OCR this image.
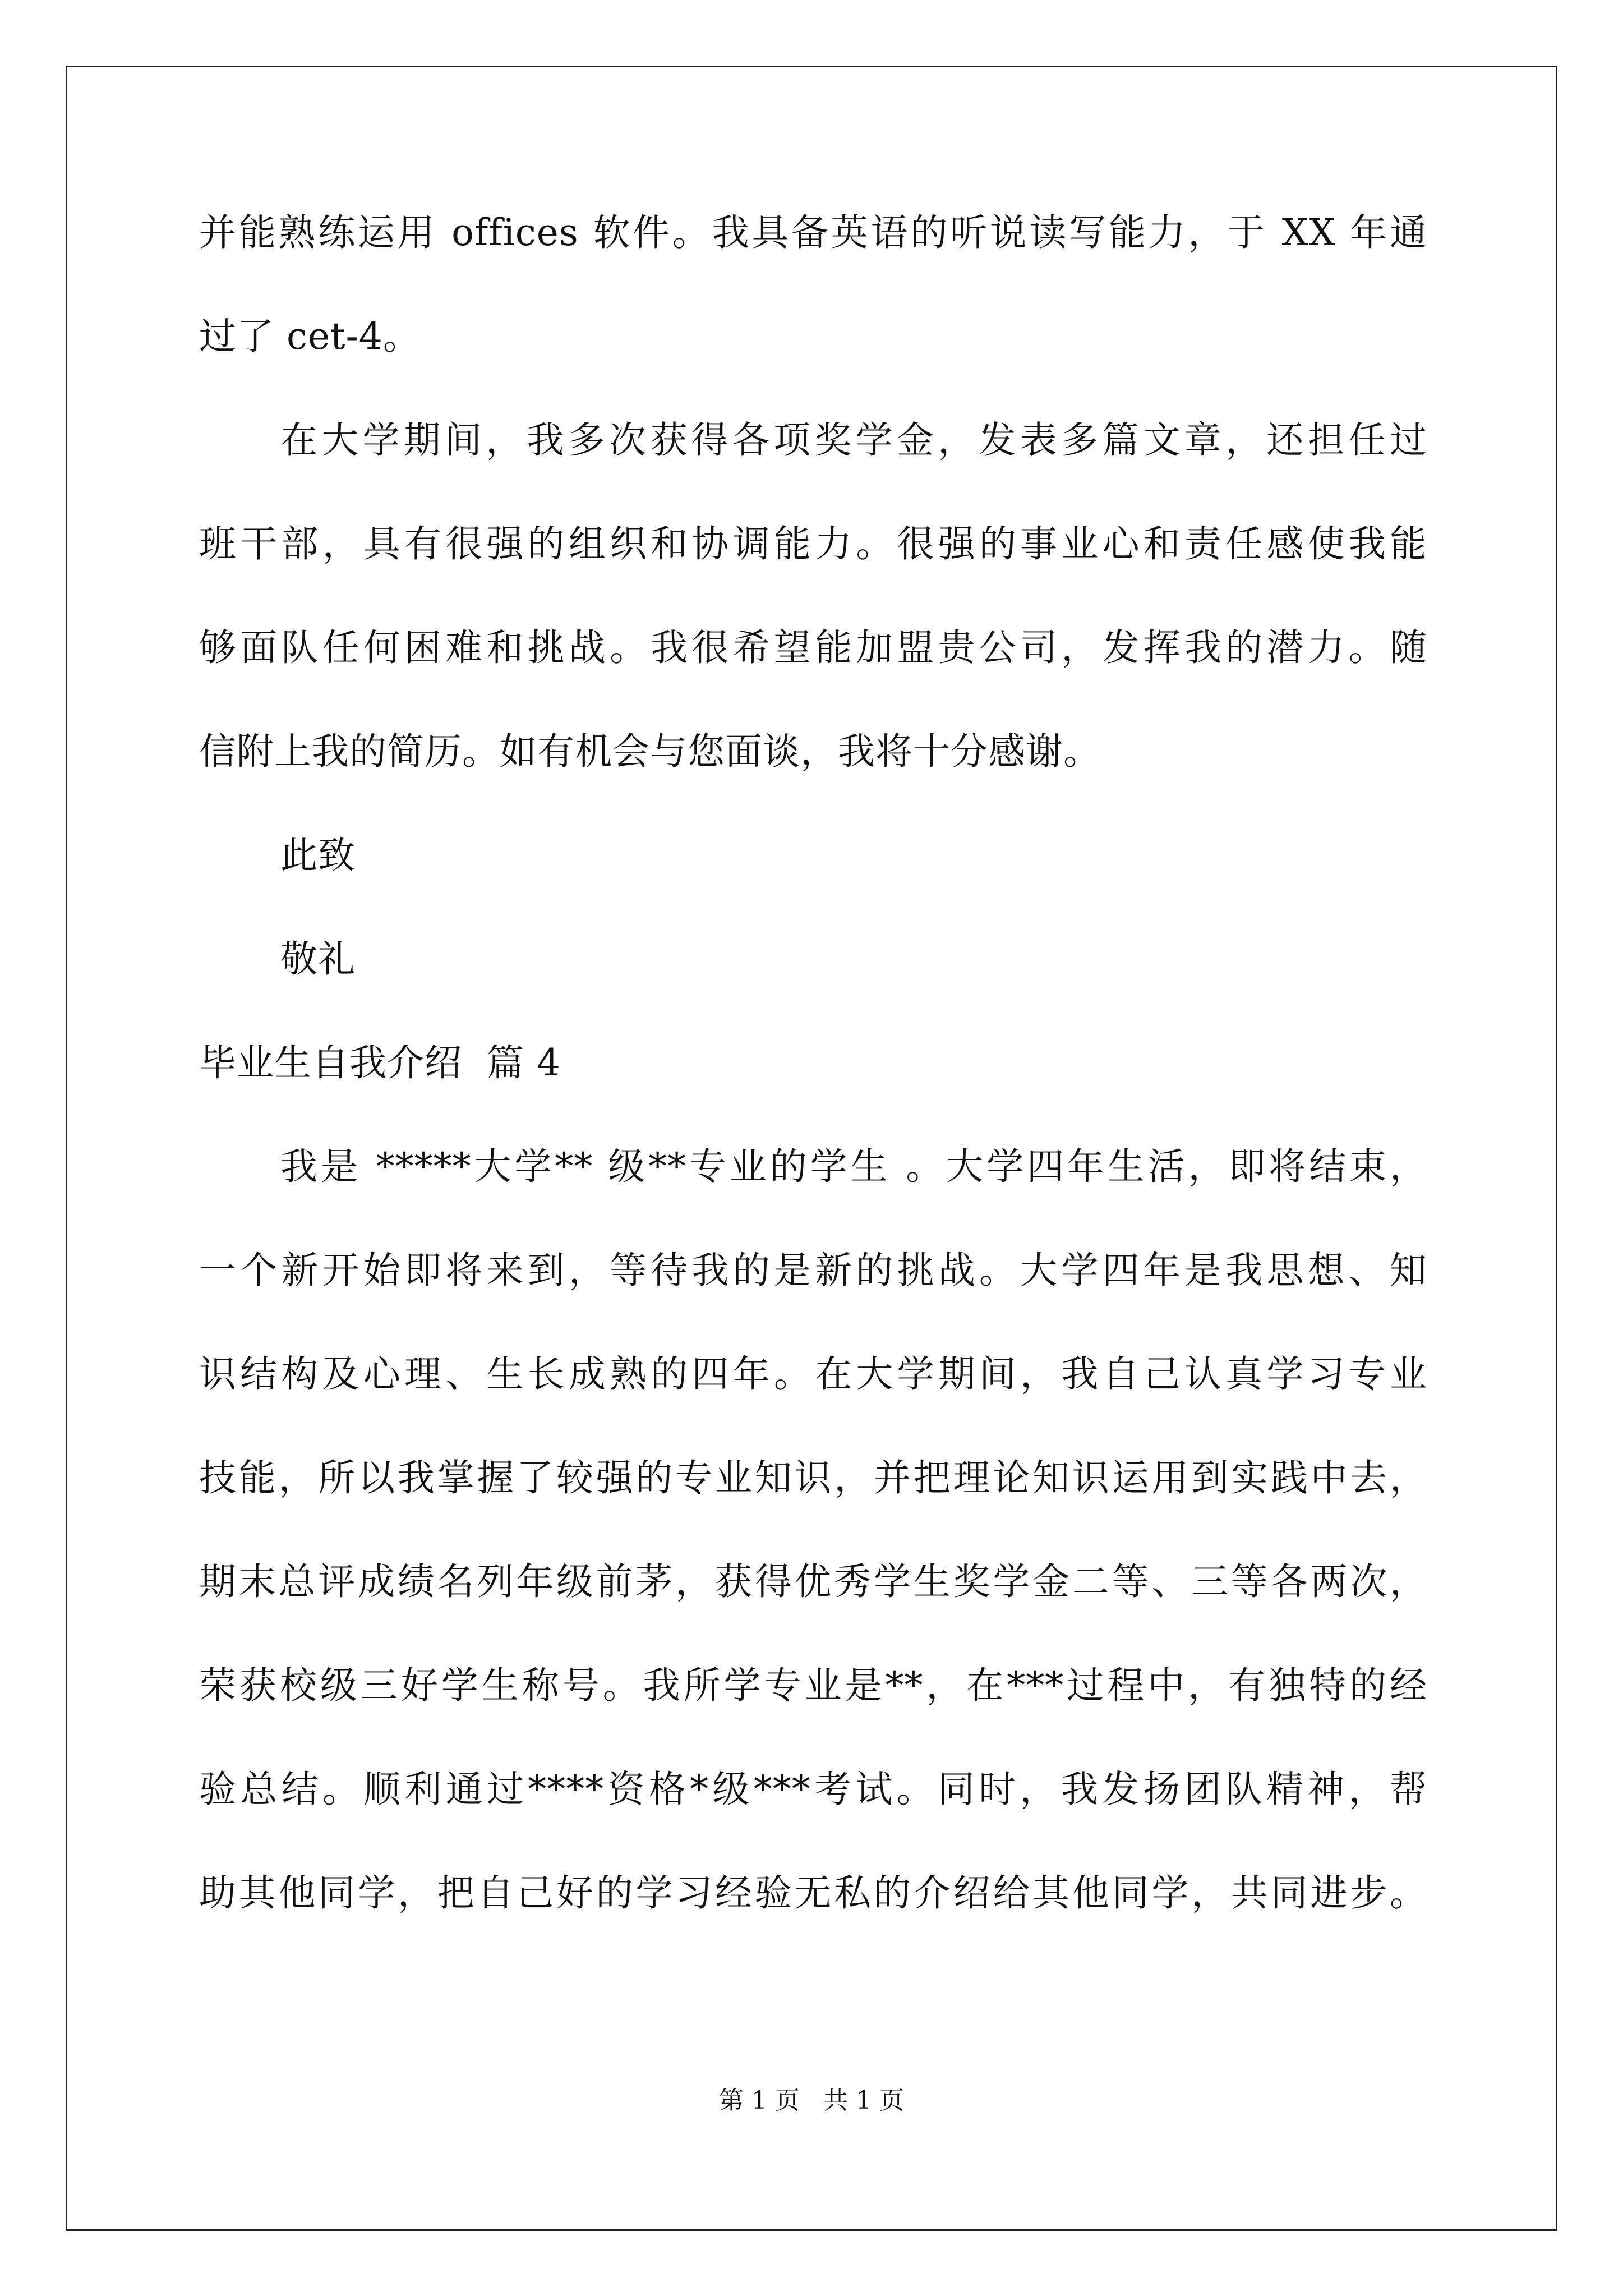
并能熟练运用 offices 软件。我具备英语的听说读写能力，于 XX 年通

过了 cet-4。

在大学期间，我多次获得各项奖学金，发表多篇文章，还担任过

班干部，具有很强的组织和协调能力。很强的事业心和责任感使我能

够面队任何困难和挑战。我很希望能加盟贵公司，发挥我的潜力。随

信附上我的简历。如有机会与您面谈，我将十分感谢。

此致

敬礼

毕业生自我介绍  篇 4

我是 *****大学** 级**专业的学生 。大学四年生活，即将结束，

一个新开始即将来到，等待我的是新的挑战。大学四年是我思想、知

识结构及心理、生长成熟的四年。在大学期间，我自己认真学习专业

技能，所以我掌握了较强的专业知识，并把理论知识运用到实践中去，

期末总评成绩名列年级前茅，获得优秀学生奖学金二等、三等各两次，

荣获校级三好学生称号。我所学专业是**，在***过程中，有独特的经

验总结。顺利通过****资格*级***考试。同时，我发扬团队精神，帮

助其他同学，把自己好的学习经验无私的介绍给其他同学，共同进步。

第 1 页   共 1 页
